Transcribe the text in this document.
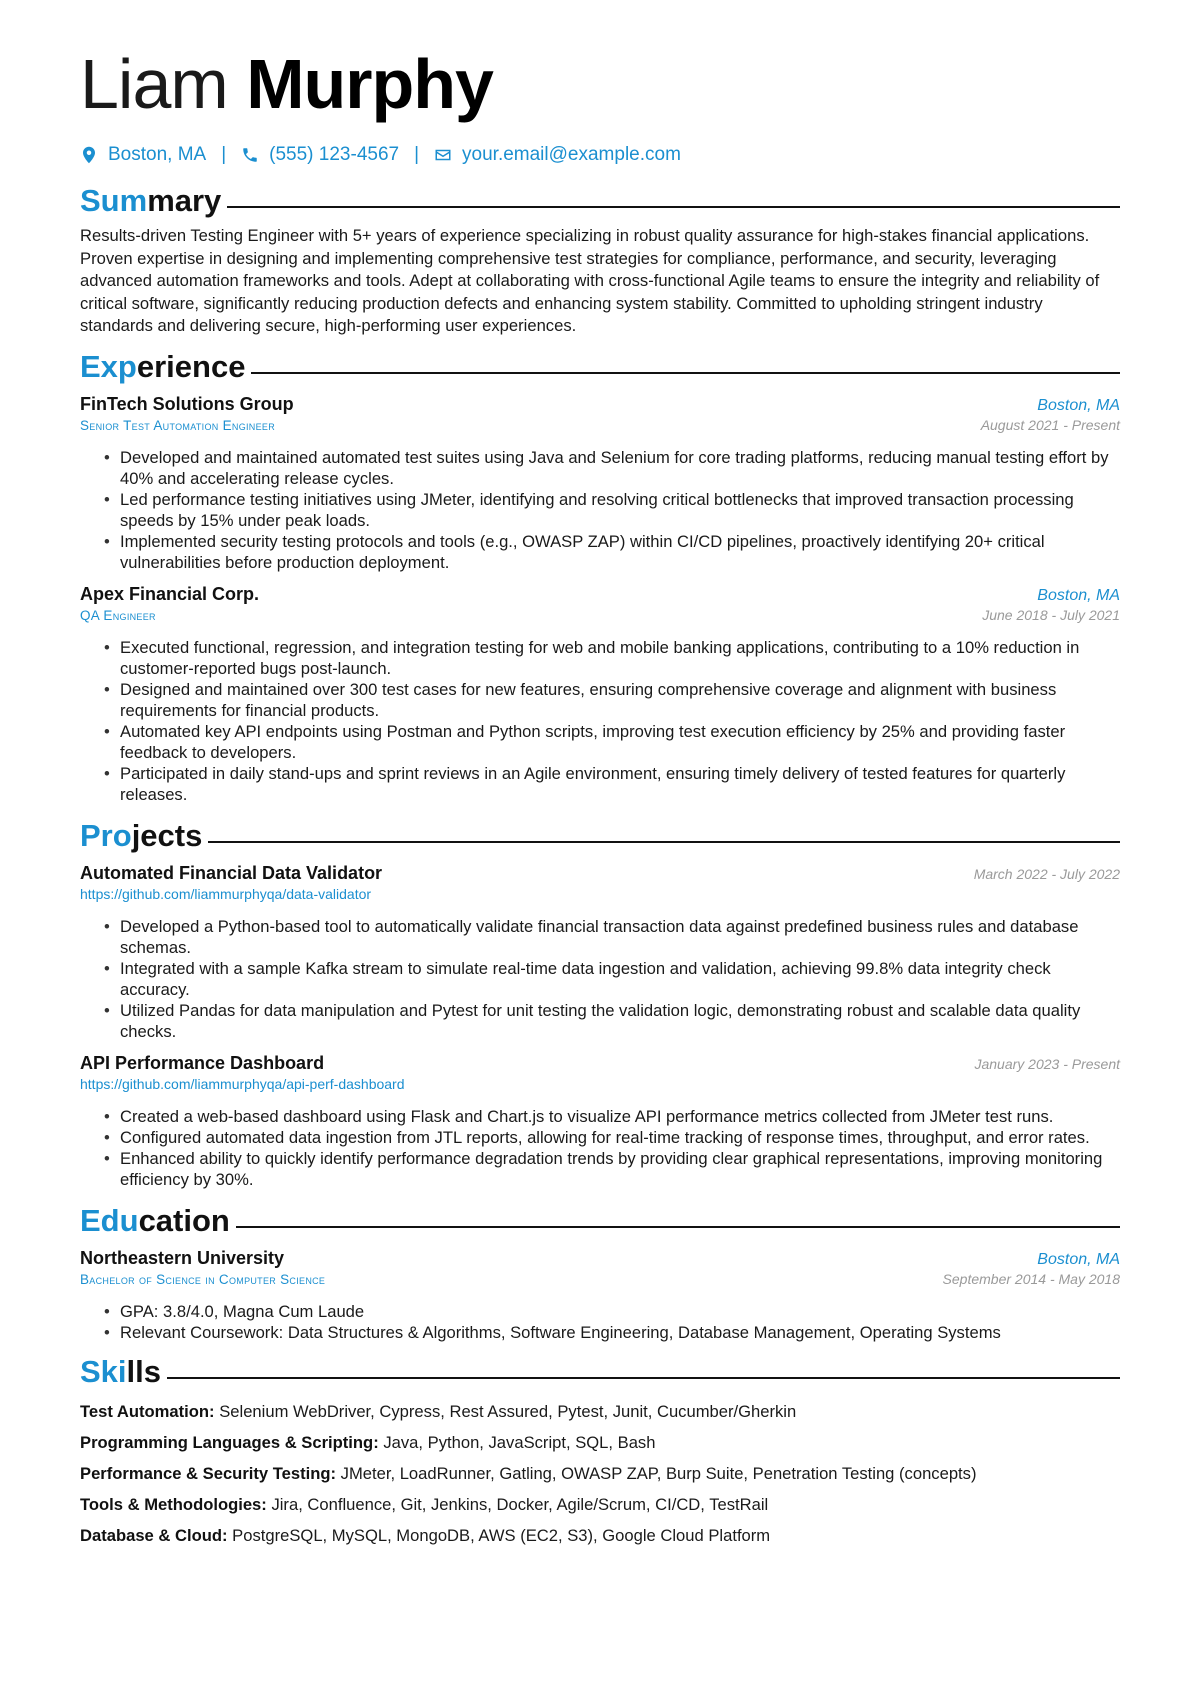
Liam Murphy
Boston, MA | (555) 123-4567 | your.email@example.com
Sum mary
Results-driven Testing Engineer with 5+ years of experience specializing in robust quality assurance for high-stakes financial applications. Proven expertise in designing and implementing comprehensive test strategies for compliance, performance, and security, leveraging advanced automation frameworks and tools. Adept at collaborating with cross-functional Agile teams to ensure the integrity and reliability of critical software, significantly reducing production defects and enhancing system stability. Committed to upholding stringent industry standards and delivering secure, high-performing user experiences.
Exp erience
FinTech Solutions Group	Boston, MA
Senior Test Automation Engineer	August 2021 - Present
• Developed and maintained automated test suites using Java and Selenium for core trading platforms, reducing manual testing effort by 40% and accelerating release cycles.
• Led performance testing initiatives using JMeter, identifying and resolving critical bottlenecks that improved transaction processing speeds by 15% under peak loads.
• Implemented security testing protocols and tools (e.g., OWASP ZAP) within CI/CD pipelines, proactively identifying 20+ critical vulnerabilities before production deployment.
Apex Financial Corp.	Boston, MA
QA Engineer	June 2018 - July 2021
• Executed functional, regression, and integration testing for web and mobile banking applications, contributing to a 10% reduction in customer-reported bugs post-launch.
• Designed and maintained over 300 test cases for new features, ensuring comprehensive coverage and alignment with business requirements for financial products.
• Automated key API endpoints using Postman and Python scripts, improving test execution efficiency by 25% and providing faster feedback to developers.
• Participated in daily stand-ups and sprint reviews in an Agile environment, ensuring timely delivery of tested features for quarterly releases.
Pro jects
Automated Financial Data Validator	March 2022 - July 2022
https://github.com/liammurphyqa/data-validator
• Developed a Python-based tool to automatically validate financial transaction data against predefined business rules and database schemas.
• Integrated with a sample Kafka stream to simulate real-time data ingestion and validation, achieving 99.8% data integrity check accuracy.
• Utilized Pandas for data manipulation and Pytest for unit testing the validation logic, demonstrating robust and scalable data quality checks.
API Performance Dashboard	January 2023 - Present
https://github.com/liammurphyqa/api-perf-dashboard
• Created a web-based dashboard using Flask and Chart.js to visualize API performance metrics collected from JMeter test runs.
• Configured automated data ingestion from JTL reports, allowing for real-time tracking of response times, throughput, and error rates.
• Enhanced ability to quickly identify performance degradation trends by providing clear graphical representations, improving monitoring efficiency by 30%.
Edu cation
Northeastern University	Boston, MA
Bachelor of Science in Computer Science	September 2014 - May 2018
• GPA: 3.8/4.0, Magna Cum Laude
• Relevant Coursework: Data Structures & Algorithms, Software Engineering, Database Management, Operating Systems
Ski lls
Test Automation: Selenium WebDriver, Cypress, Rest Assured, Pytest, Junit, Cucumber/Gherkin
Programming Languages & Scripting: Java, Python, JavaScript, SQL, Bash
Performance & Security Testing: JMeter, LoadRunner, Gatling, OWASP ZAP, Burp Suite, Penetration Testing (concepts)
Tools & Methodologies: Jira, Confluence, Git, Jenkins, Docker, Agile/Scrum, CI/CD, TestRail
Database & Cloud: PostgreSQL, MySQL, MongoDB, AWS (EC2, S3), Google Cloud Platform
